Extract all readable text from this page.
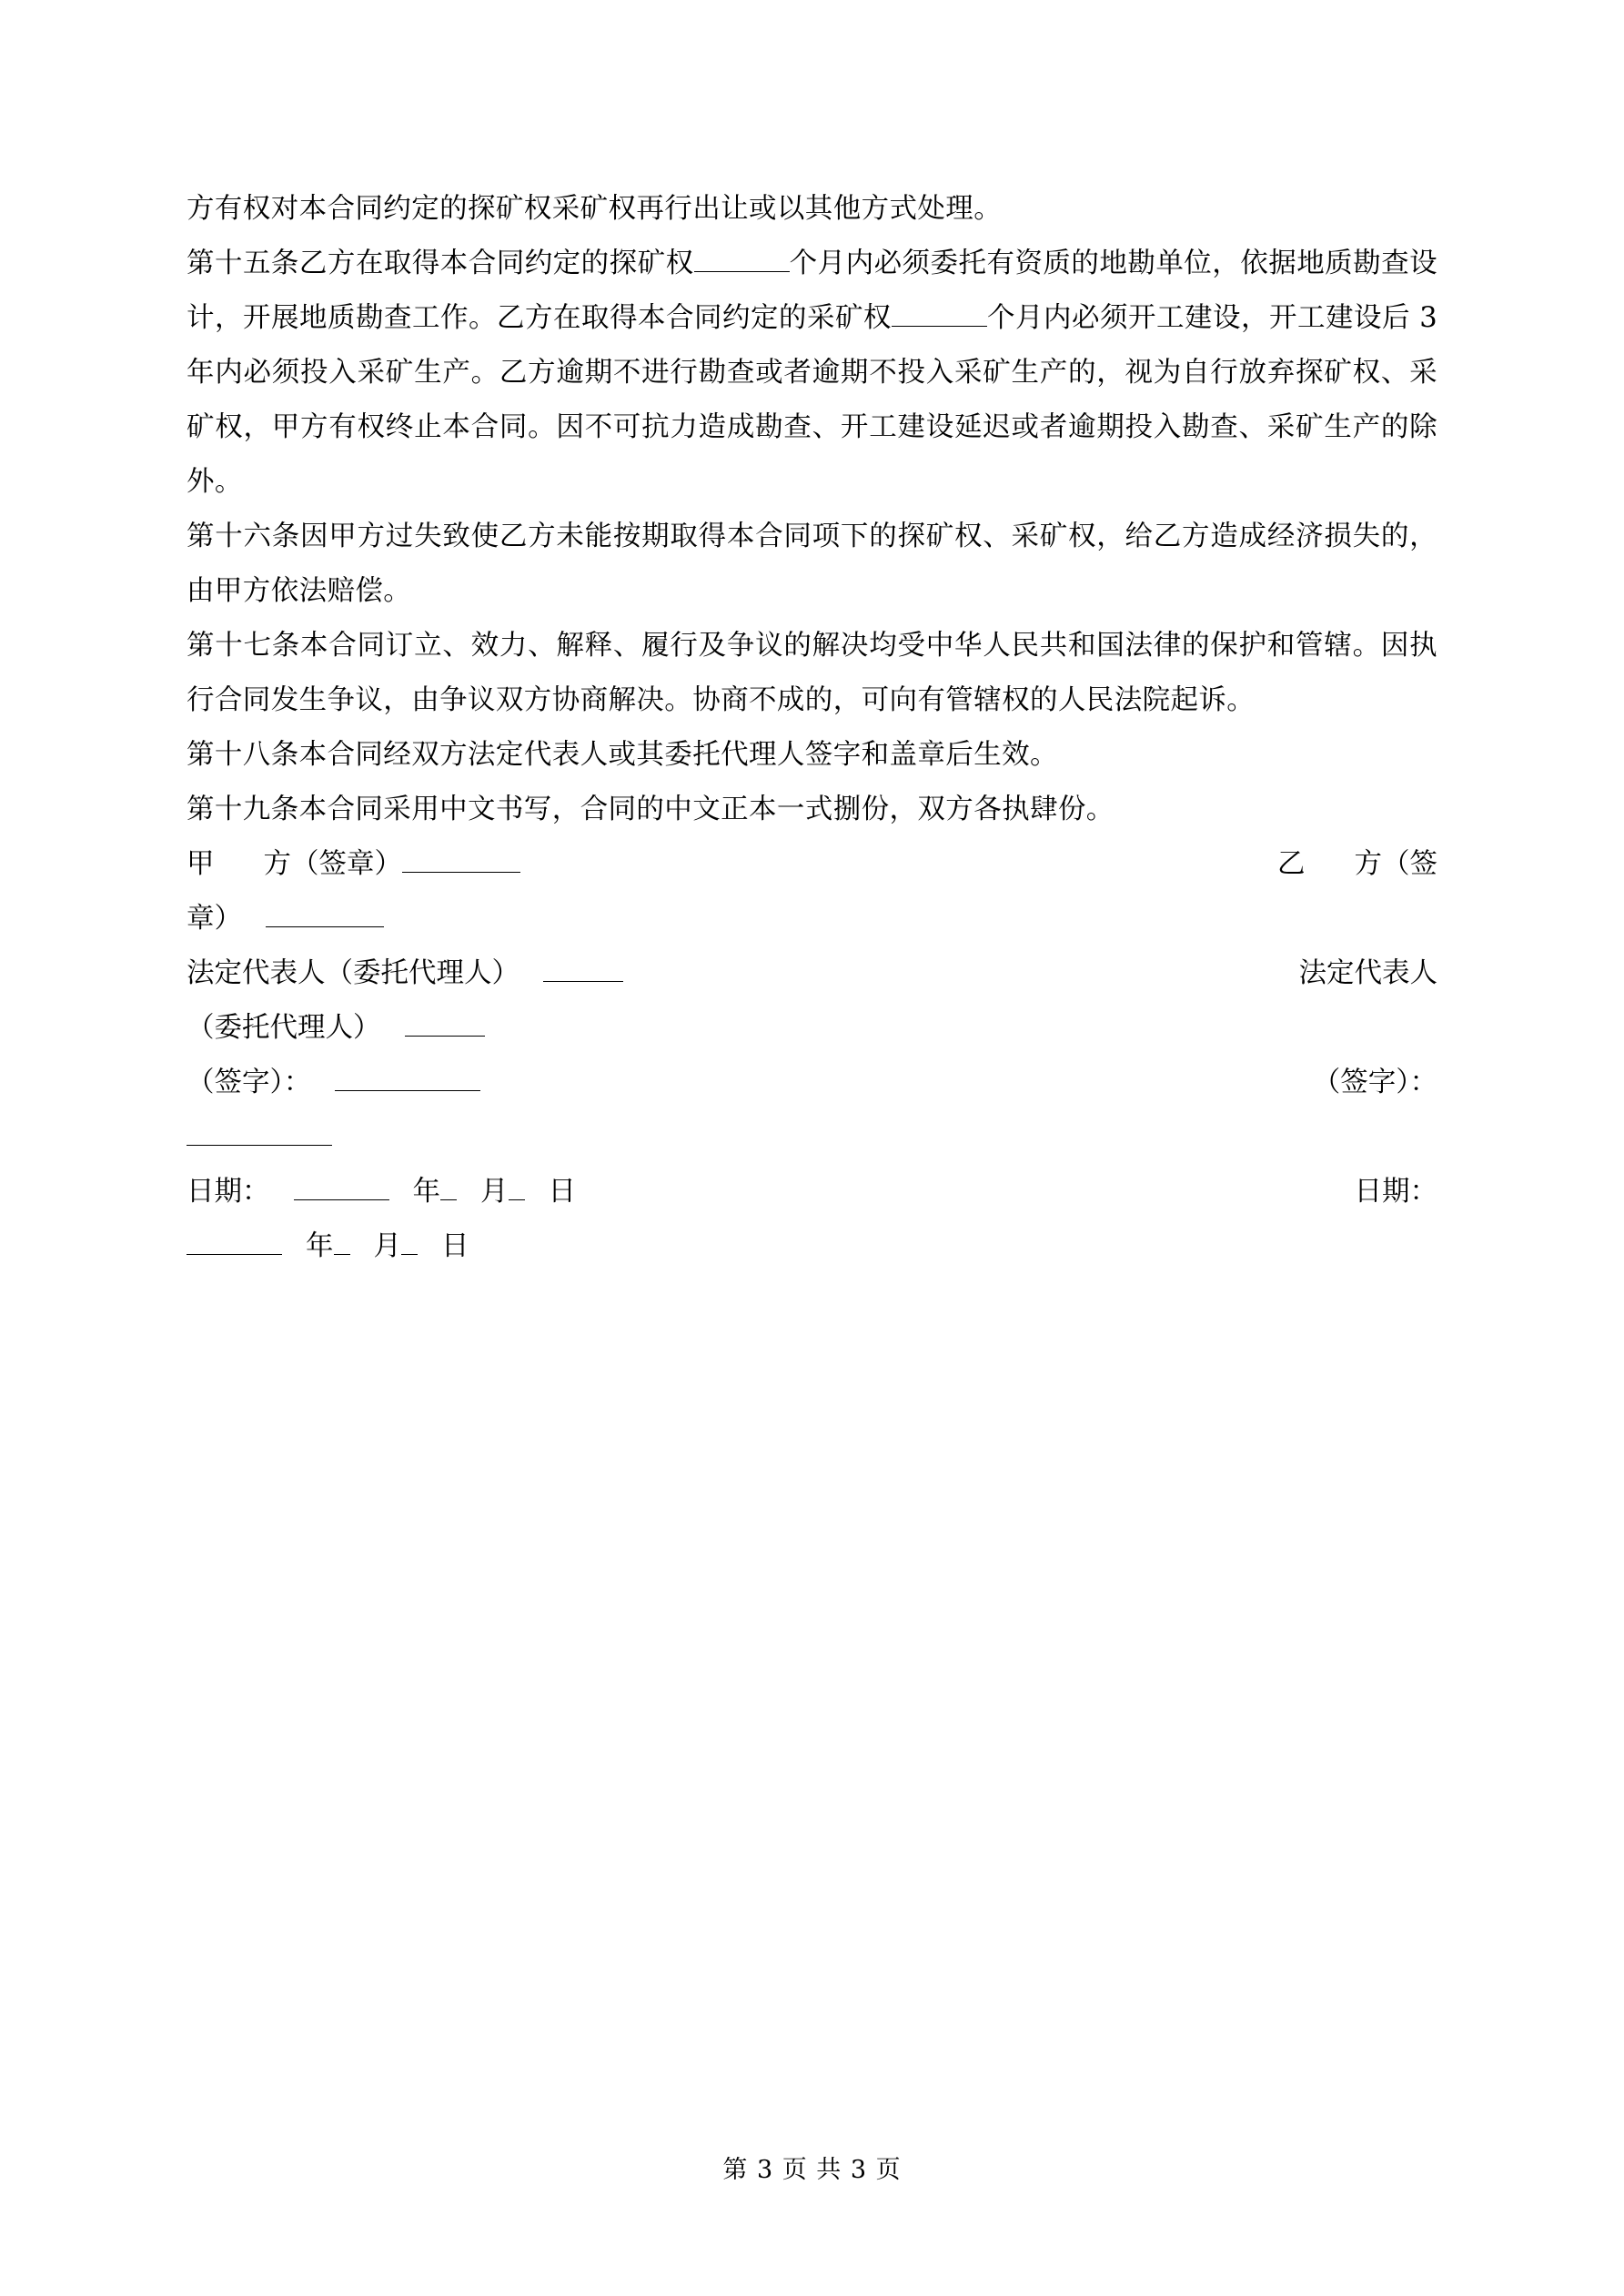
方有权对本合同约定的探矿权采矿权再行出让或以其他方式处理。

第十五条乙方在取得本合同约定的探矿权	个月内必须委托有资质的地勘单位，依据地质勘查设计，开展地质勘查工作。乙方在取得本合同约定的采矿权	个月内必须开工建设，开工建设后 3 年内必须投入采矿生产。乙方逾期不进行勘查或者逾期不投入采矿生产的，视为自行放弃探矿权、采矿权，甲方有权终止本合同。因不可抗力造成勘查、开工建设延迟或者逾期投入勘查、采矿生产的除外。

第十六条因甲方过失致使乙方未能按期取得本合同项下的探矿权、采矿权，给乙方造成经济损失的，由甲方依法赔偿。

第十七条本合同订立、效力、解释、履行及争议的解决均受中华人民共和国法律的保护和管辖。因执行合同发生争议，由争议双方协商解决。协商不成的，可向有管辖权的人民法院起诉。

第十八条本合同经双方法定代表人或其委托代理人签字和盖章后生效。

第十九条本合同采用中文书写，合同的中文正本一式捌份，双方各执肆份。

甲 方（签章）	乙 方（签
章）
法定代表人（委托代理人）	法定代表人
（委托代理人）
（签字）：	（签字）：
日期：	年 月 日	日期：
年 月 日
第 3 页 共 3 页
